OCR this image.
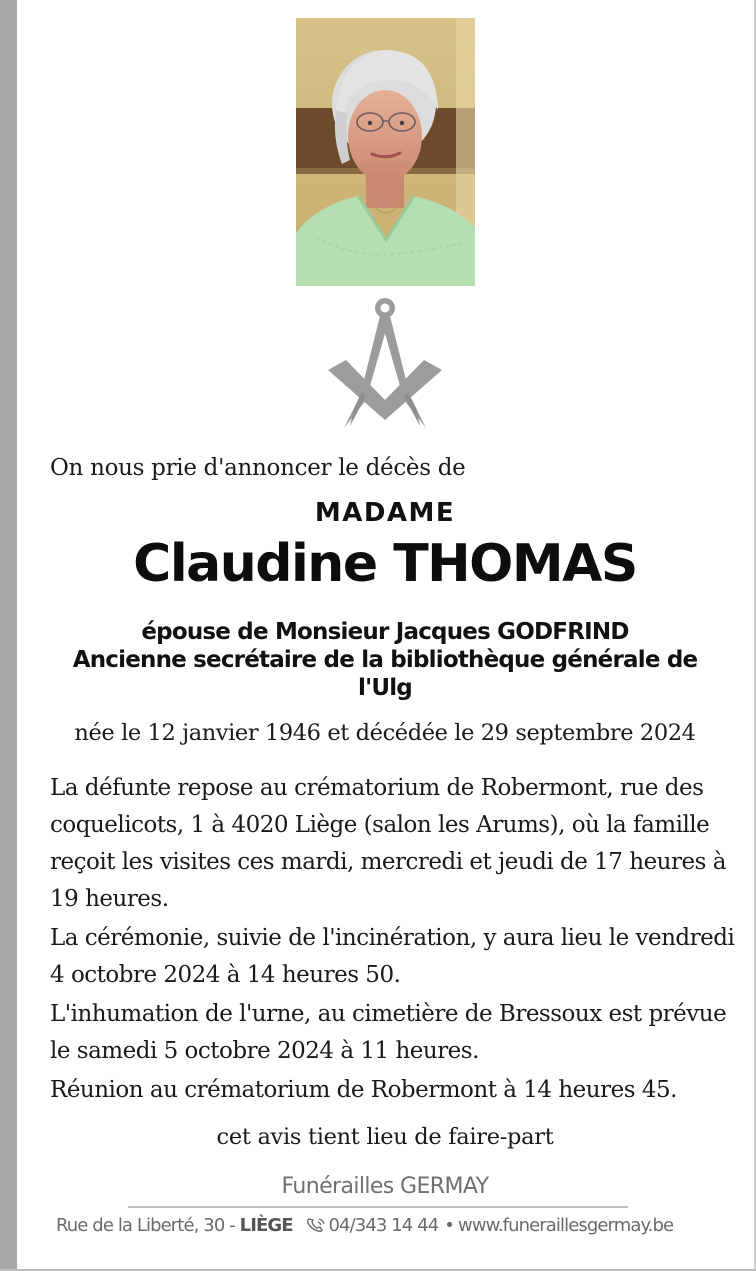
On nous prie d'annoncer le décès de
MADAME
Claudine THOMAS
épouse de Monsieur Jacques GODFRIND
Ancienne secrétaire de la bibliothèque générale de
l'Ulg
née le 12 janvier 1946 et décédée le 29 septembre 2024

La défunte repose au crématorium de Robermont, rue des coquelicots, 1 à 4020 Liège (salon les Arums), où la famille reçoit les visites ces mardi, mercredi et jeudi de 17 heures à 19 heures.

La cérémonie, suivie de l'incinération, y aura lieu le vendredi 4 octobre 2024 à 14 heures 50.

L'inhumation de l'urne, au cimetière de Bressoux est prévue le samedi 5 octobre 2024 à 11 heures.

Réunion au crématorium de Robermont à 14 heures 45.

cet avis tient lieu de faire-part
Funérailles GERMAY
Rue de la Liberté, 30 - LIÈGE 04/343 14 44 • www.funeraillesgermay.be
